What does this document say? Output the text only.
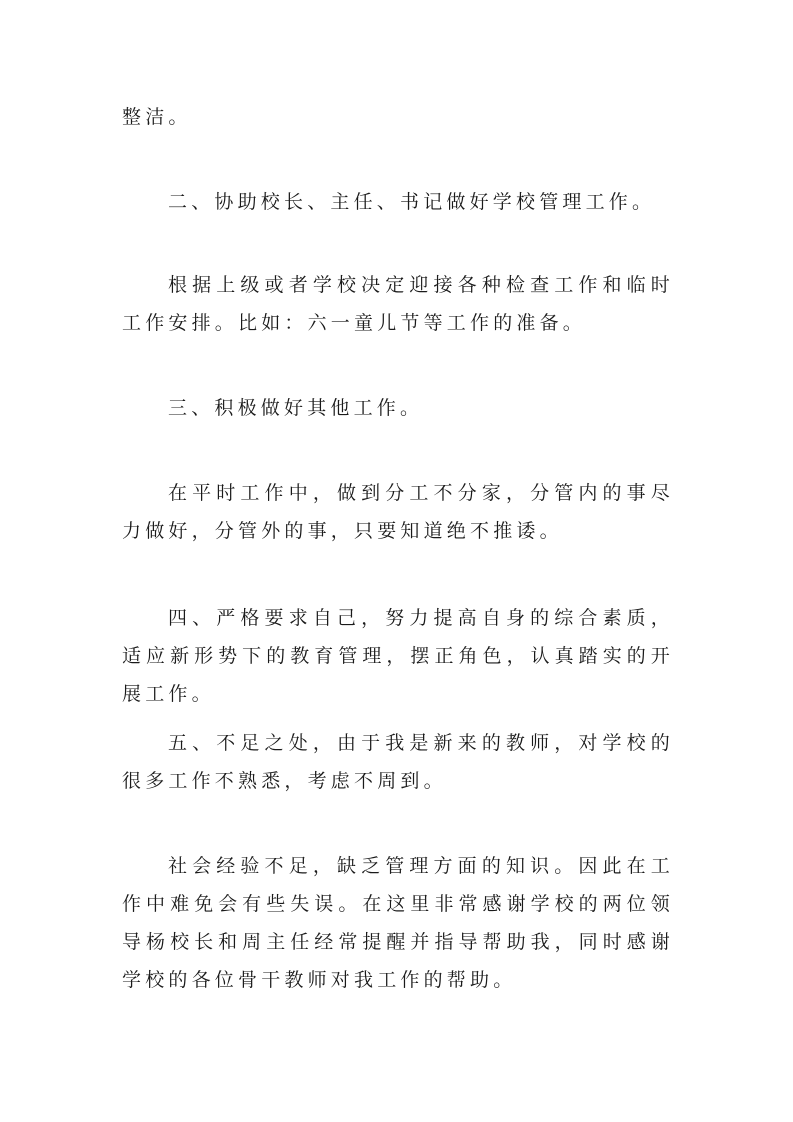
整洁。

二、协助校长、主任、书记做好学校管理工作。

根据上级或者学校决定迎接各种检查工作和临时工作安排。比如：六一童儿节等工作的准备。

三、积极做好其他工作。

在平时工作中，做到分工不分家，分管内的事尽力做好，分管外的事，只要知道绝不推诿。

四、严格要求自己，努力提高自身的综合素质，适应新形势下的教育管理，摆正角色，认真踏实的开展工作。

五、不足之处，由于我是新来的教师，对学校的很多工作不熟悉，考虑不周到。

社会经验不足，缺乏管理方面的知识。因此在工作中难免会有些失误。在这里非常感谢学校的两位领导杨校长和周主任经常提醒并指导帮助我，同时感谢学校的各位骨干教师对我工作的帮助。
